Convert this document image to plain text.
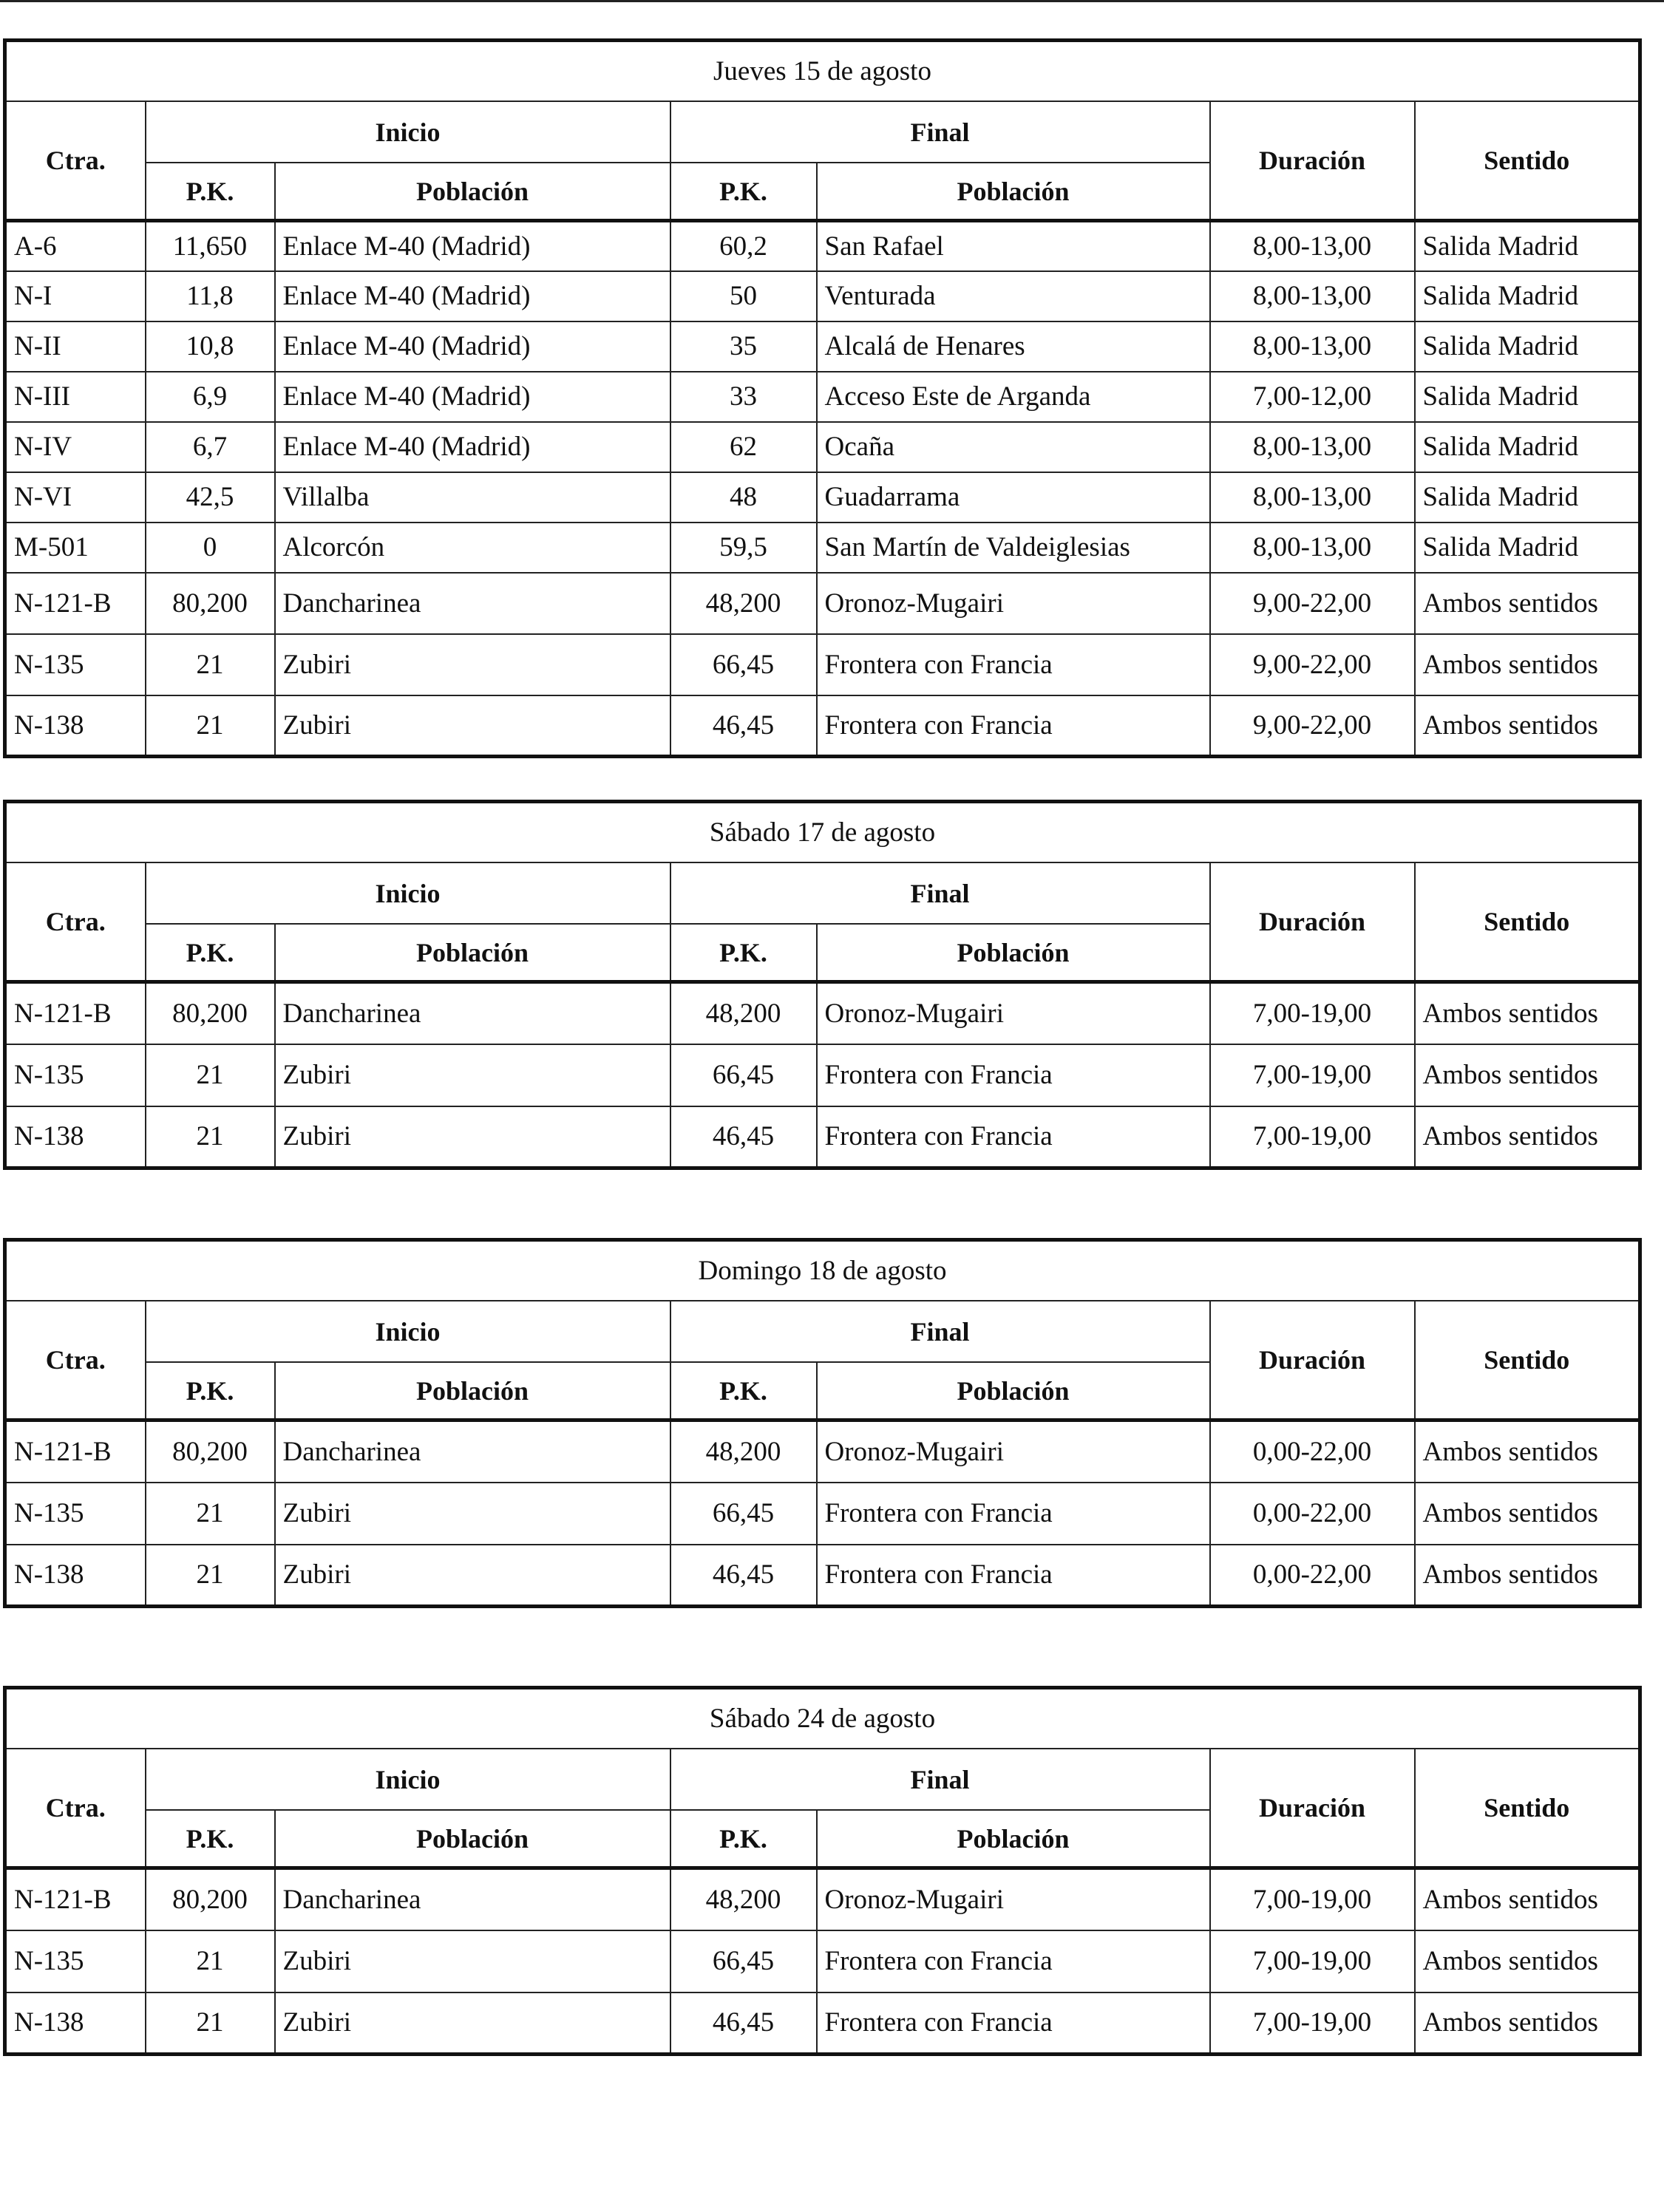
Jueves 15 de agosto						
Ctra.	Inicio		Final		Duración	Sentido
	P.K.	Población	P.K.	Población		
A-6	11,650	Enlace M-40 (Madrid)	60,2	San Rafael	8,00-13,00	Salida Madrid
N-I	11,8	Enlace M-40 (Madrid)	50	Venturada	8,00-13,00	Salida Madrid
N-II	10,8	Enlace M-40 (Madrid)	35	Alcalá de Henares	8,00-13,00	Salida Madrid
N-III	6,9	Enlace M-40 (Madrid)	33	Acceso Este de Arganda	7,00-12,00	Salida Madrid
N-IV	6,7	Enlace M-40 (Madrid)	62	Ocaña	8,00-13,00	Salida Madrid
N-VI	42,5	Villalba	48	Guadarrama	8,00-13,00	Salida Madrid
M-501	0	Alcorcón	59,5	San Martín de Valdeiglesias	8,00-13,00	Salida Madrid
N-121-B	80,200	Dancharinea	48,200	Oronoz-Mugairi	9,00-22,00	Ambos sentidos
N-135	21	Zubiri	66,45	Frontera con Francia	9,00-22,00	Ambos sentidos
N-138	21	Zubiri	46,45	Frontera con Francia	9,00-22,00	Ambos sentidos
Sábado 17 de agosto						
Ctra.	Inicio		Final		Duración	Sentido
	P.K.	Población	P.K.	Población		
N-121-B	80,200	Dancharinea	48,200	Oronoz-Mugairi	7,00-19,00	Ambos sentidos
N-135	21	Zubiri	66,45	Frontera con Francia	7,00-19,00	Ambos sentidos
N-138	21	Zubiri	46,45	Frontera con Francia	7,00-19,00	Ambos sentidos
Domingo 18 de agosto						
Ctra.	Inicio		Final		Duración	Sentido
	P.K.	Población	P.K.	Población		
N-121-B	80,200	Dancharinea	48,200	Oronoz-Mugairi	0,00-22,00	Ambos sentidos
N-135	21	Zubiri	66,45	Frontera con Francia	0,00-22,00	Ambos sentidos
N-138	21	Zubiri	46,45	Frontera con Francia	0,00-22,00	Ambos sentidos
Sábado 24 de agosto						
Ctra.	Inicio		Final		Duración	Sentido
	P.K.	Población	P.K.	Población		
N-121-B	80,200	Dancharinea	48,200	Oronoz-Mugairi	7,00-19,00	Ambos sentidos
N-135	21	Zubiri	66,45	Frontera con Francia	7,00-19,00	Ambos sentidos
N-138	21	Zubiri	46,45	Frontera con Francia	7,00-19,00	Ambos sentidos
